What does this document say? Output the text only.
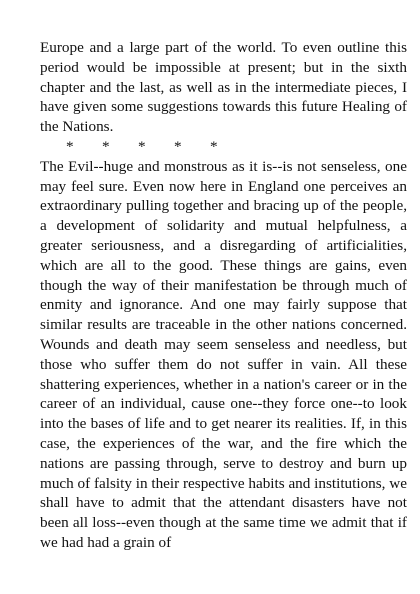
Europe and a large part of the world. To even outline this period would be impossible at present; but in the sixth chapter and the last, as well as in the intermediate pieces, I have given some suggestions towards this future Healing of the Nations.

* * * * *

The Evil--huge and monstrous as it is--is not senseless, one may feel sure. Even now here in England one perceives an extraordinary pulling together and bracing up of the people, a development of solidarity and mutual helpfulness, a greater seriousness, and a disregarding of artificialities, which are all to the good. These things are gains, even though the way of their manifestation be through much of enmity and ignorance. And one may fairly suppose that similar results are traceable in the other nations concerned. Wounds and death may seem senseless and needless, but those who suffer them do not suffer in vain. All these shattering experiences, whether in a nation's career or in the career of an individual, cause one--they force one--to look into the bases of life and to get nearer its realities. If, in this case, the experiences of the war, and the fire which the nations are passing through, serve to destroy and burn up much of falsity in their respective habits and institutions, we shall have to admit that the attendant disasters have not been all loss--even though at the same time we admit that if we had had a grain of
